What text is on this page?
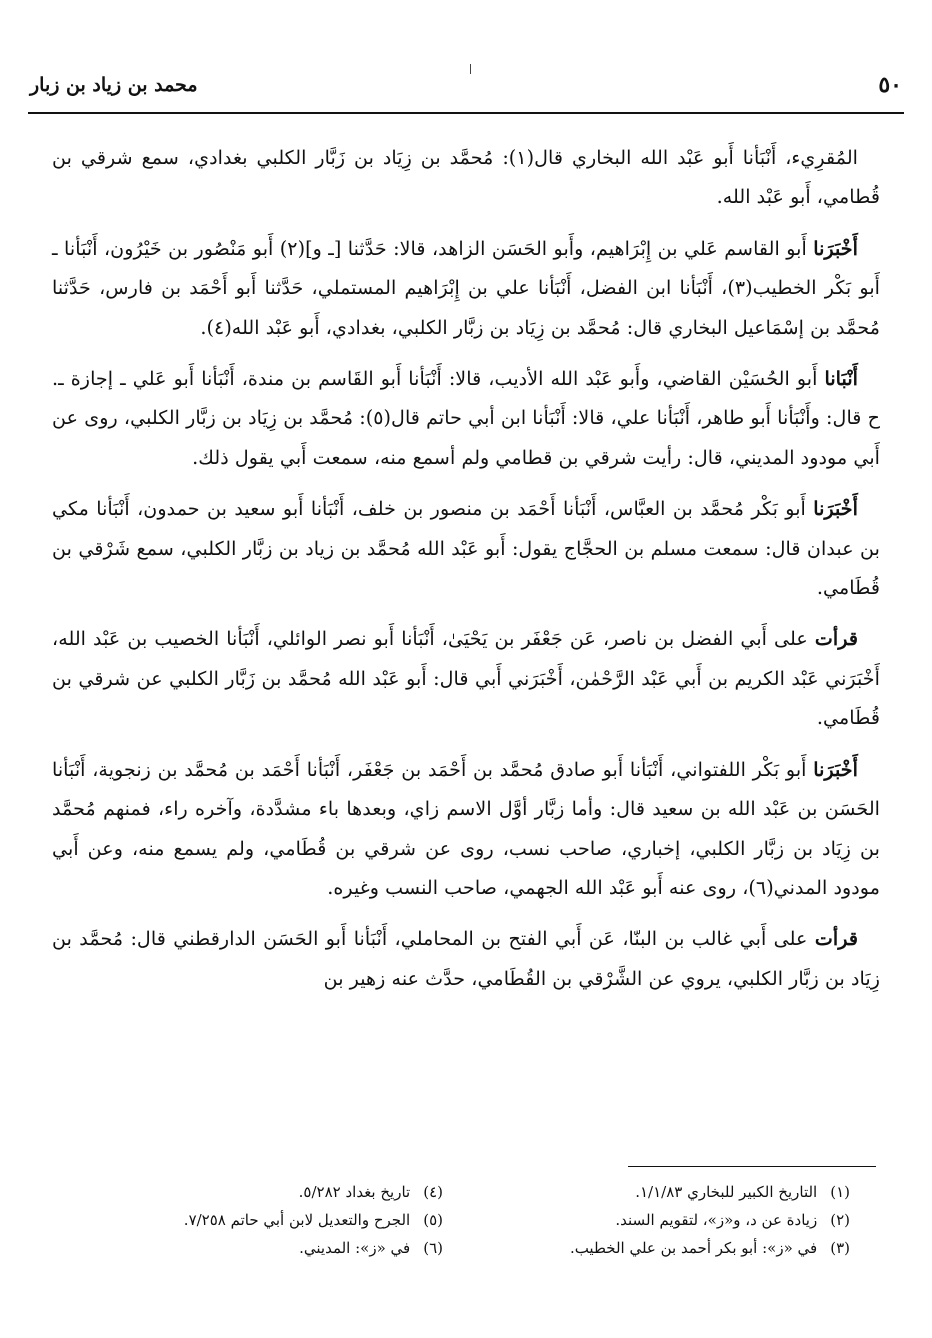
٥٠
محمد بن زياد بن زبار

المُقرِيء، أَنْبَأنا أَبو عَبْد الله البخاري قال(١): مُحمَّد بن زِيَاد بن زَبَّار الكلبي بغدادي، سمع شرقي بن قُطامي، أَبو عَبْد الله.

أَخْبَرَنا أَبو القاسم عَلي بن إِبْرَاهيم، وأَبو الحَسَن الزاهد، قالا: حَدَّثنا [ـ و](٢) أَبو مَنْصُور بن خَيْرُون، أَنْبَأنا ـ أَبو بَكْر الخطيب(٣)، أَنْبَأنا ابن الفضل، أَنْبَأنا علي بن إِبْرَاهيم المستملي، حَدَّثنا أَبو أَحْمَد بن فارس، حَدَّثنا مُحمَّد بن إسْمَاعيل البخاري قال: مُحمَّد بن زِيَاد بن زبَّار الكلبي، بغدادي، أَبو عَبْد الله(٤).

أَنْبَانا أَبو الحُسَيْن القاضي، وأَبو عَبْد الله الأديب، قالا: أَنْبَأنا أَبو القَاسم بن مندة، أَنْبَأنا أَبو عَلي ـ إجازة ـ. ح قال: وأَنْبَأنا أَبو طاهر، أَنْبَأنا علي، قالا: أَنْبَأنا ابن أبي حاتم قال(٥): مُحمَّد بن زِيَاد بن زبَّار الكلبي، روى عن أَبي مودود المديني، قال: رأيت شرقي بن قطامي ولم أسمع منه، سمعت أَبي يقول ذلك.

أَخْبَرَنا أَبو بَكْر مُحمَّد بن العبَّاس، أَنْبَأنا أَحْمَد بن منصور بن خلف، أَنْبَأنا أَبو سعيد بن حمدون، أَنْبَأنا مكي بن عبدان قال: سمعت مسلم بن الحجَّاج يقول: أَبو عَبْد الله مُحمَّد بن زياد بن زبَّار الكلبي، سمع شَرْقي بن قُطَامي.

قرأت على أَبي الفضل بن ناصر، عَن جَعْفَر بن يَحْيَىٰ، أَنْبَأنا أَبو نصر الوائلي، أَنْبَأنا الخصيب بن عَبْد الله، أَخْبَرَني عَبْد الكريم بن أَبي عَبْد الرَّحْمٰن، أَخْبَرَني أَبي قال: أَبو عَبْد الله مُحمَّد بن زَبَّار الكلبي عن شرقي بن قُطَامي.

أَخْبَرَنا أَبو بَكْر اللفتواني، أَنْبَأنا أَبو صادق مُحمَّد بن أَحْمَد بن جَعْفَر، أَنْبَأنا أَحْمَد بن مُحمَّد بن زنجوية، أَنْبَأنا الحَسَن بن عَبْد الله بن سعيد قال: وأما زبَّار أوَّل الاسم زاي، وبعدها باء مشدَّدة، وآخره راء، فمنهم مُحمَّد بن زِيَاد بن زبَّار الكلبي، إخباري، صاحب نسب، روى عن شرقي بن قُطَامي، ولم يسمع منه، وعن أَبي مودود المدني(٦)، روى عنه أَبو عَبْد الله الجهمي، صاحب النسب وغيره.

قرأت على أَبي غالب بن البنّا، عَن أَبي الفتح بن المحاملي، أَنْبَأنا أَبو الحَسَن الدارقطني قال: مُحمَّد بن زِيَاد بن زبَّار الكلبي، يروي عن الشَّرْقي بن القُطَامي، حدَّث عنه زهير بن

(١) التاريخ الكبير للبخاري ١/١/٨٣.
(٤) تاريخ بغداد ٥/٢٨٢.
(٢) زيادة عن د، و«ز»، لتقويم السند.
(٥) الجرح والتعديل لابن أبي حاتم ٧/٢٥٨.
(٣) في «ز»: أبو بكر أحمد بن علي الخطيب.
(٦) في «ز»: المديني.
